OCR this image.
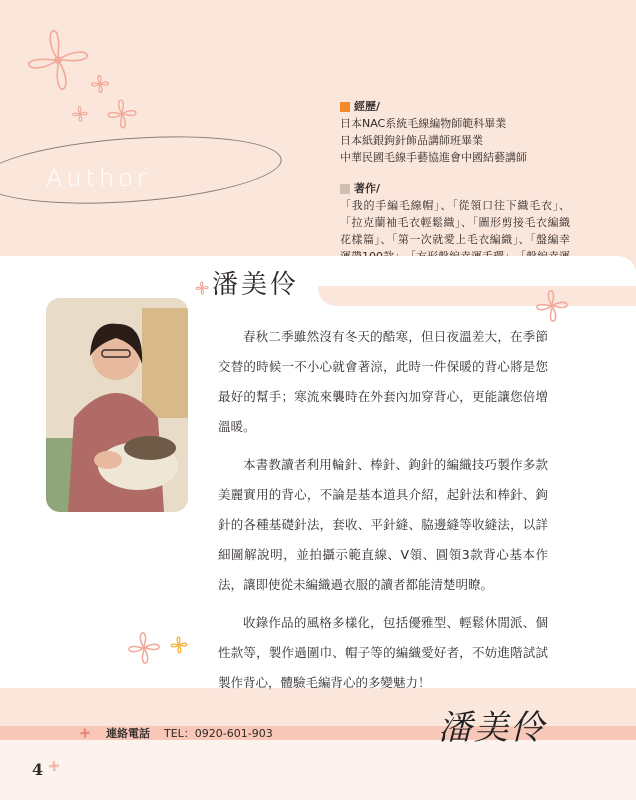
Author
經歷/
日本NAC系統毛線編物師範科畢業
日本紙銀鉤針飾品講師班畢業
中華民國毛線手藝協進會中國結藝講師
著作/
「我的手編毛線帽」、「從領口往下織毛衣」、「拉克蘭袖毛衣輕鬆織」、「圖形剪接毛衣編織花樣篇」、「第一次就愛上毛衣編織」、「盤編幸
潘美伶

春秋二季雖然沒有冬天的酷寒，但日夜溫差大，在季節交替的時候一不小心就會著涼，此時一件保暖的背心將是您最好的幫手；寒流來襲時在外套內加穿背心，更能讓您倍增溫暖。

本書教讀者利用輪針、棒針、鉤針的編織技巧製作多款美麗實用的背心，不論是基本道具介紹，起針法和棒針、鉤針的各種基礎針法，套收、平針縫、脇邊縫等收縫法，以詳細圖解說明，並拍攝示範直線、V領、圓領3款背心基本作法，讓即使從未編織過衣服的讀者都能清楚明瞭。

收錄作品的風格多樣化，包括優雅型、輕鬆休閒派、個性款等，製作過圍巾、帽子等的編織愛好者，不妨進階試試製作背心，體驗毛編背心的多變魅力！

連絡電話 TEL：0920-601-903	潘美伶
4
